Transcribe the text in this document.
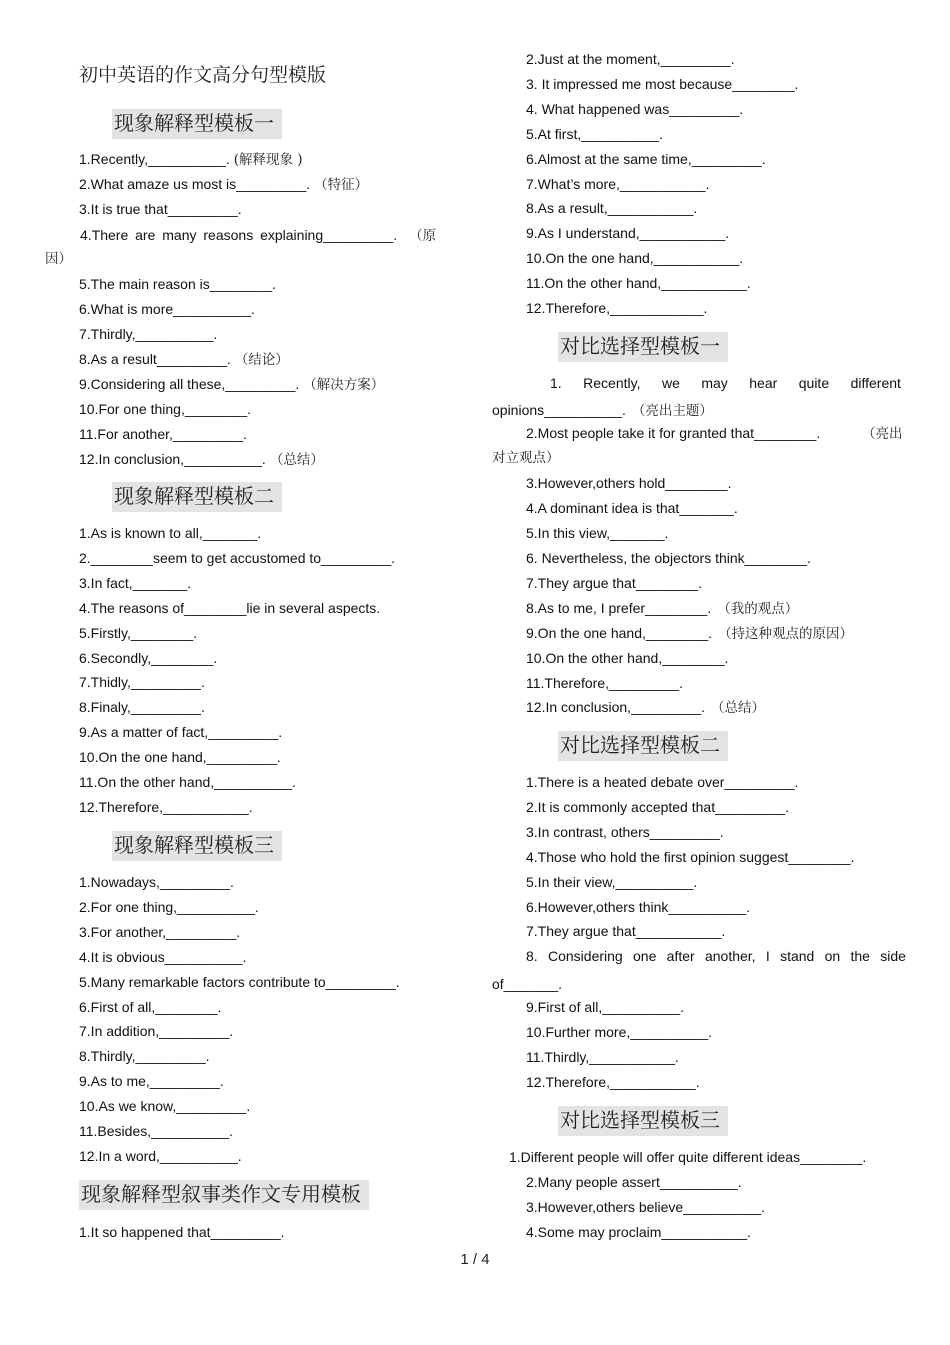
初中英语的作文高分句型模版
现象解释型模板一
1.Recently,__________. (解释现象 )
2.What amaze us most is_________. （特征）
3.It is true that_________.
4.There are many reasons explaining_________. （原
因）
5.The main reason is________.
6.What is more__________.
7.Thirdly,__________.
8.As a result_________. （结论）
9.Considering all these,_________. （解决方案）
10.For one thing,________.
11.For another,_________.
12.In conclusion,__________. （总结）
现象解释型模板二
1.As is known to all,_______.
2.________seem to get accustomed to_________.
3.In fact,_______.
4.The reasons of________lie in several aspects.
5.Firstly,________.
6.Secondly,________.
7.Thidly,_________.
8.Finaly,_________.
9.As a matter of fact,_________.
10.On the one hand,_________.
11.On the other hand,__________.
12.Therefore,___________.
现象解释型模板三
1.Nowadays,_________.
2.For one thing,__________.
3.For another,_________.
4.It is obvious__________.
5.Many remarkable factors contribute to_________.
6.First of all,________.
7.In addition,_________.
8.Thirdly,_________.
9.As to me,_________.
10.As we know,_________.
11.Besides,__________.
12.In a word,__________.
现象解释型叙事类作文专用模板
1.It so happened that_________.
2.Just at the moment,_________.
3. It impressed me most because________.
4. What happened was_________.
5.At first,__________.
6.Almost at the same time,_________.
7.What’s more,___________.
8.As a result,___________.
9.As I understand,___________.
10.On the one hand,___________.
11.On the other hand,___________.
12.Therefore,____________.
对比选择型模板一
1. Recently, we may hear quite different
opinions__________. （亮出主题）
2.Most people take it for granted that________.	（亮出
对立观点）
3.However,others hold________.
4.A dominant idea is that_______.
5.In this view,_______.
6. Nevertheless, the objectors think________.
7.They argue that________.
8.As to me, I prefer________. （我的观点）
9.On the one hand,________. （持这种观点的原因）
10.On the other hand,________.
11.Therefore,_________.
12.In conclusion,_________. （总结）
对比选择型模板二
1.There is a heated debate over_________.
2.It is commonly accepted that_________.
3.In contrast, others_________.
4.Those who hold the first opinion suggest________.
5.In their view,__________.
6.However,others think__________.
7.They argue that___________.
8. Considering one after another, I stand on the side
of_______.
9.First of all,__________.
10.Further more,__________.
11.Thirdly,___________.
12.Therefore,___________.
对比选择型模板三
1.Different people will offer quite different ideas________.
2.Many people assert__________.
3.However,others believe__________.
4.Some may proclaim___________.
1 / 4
